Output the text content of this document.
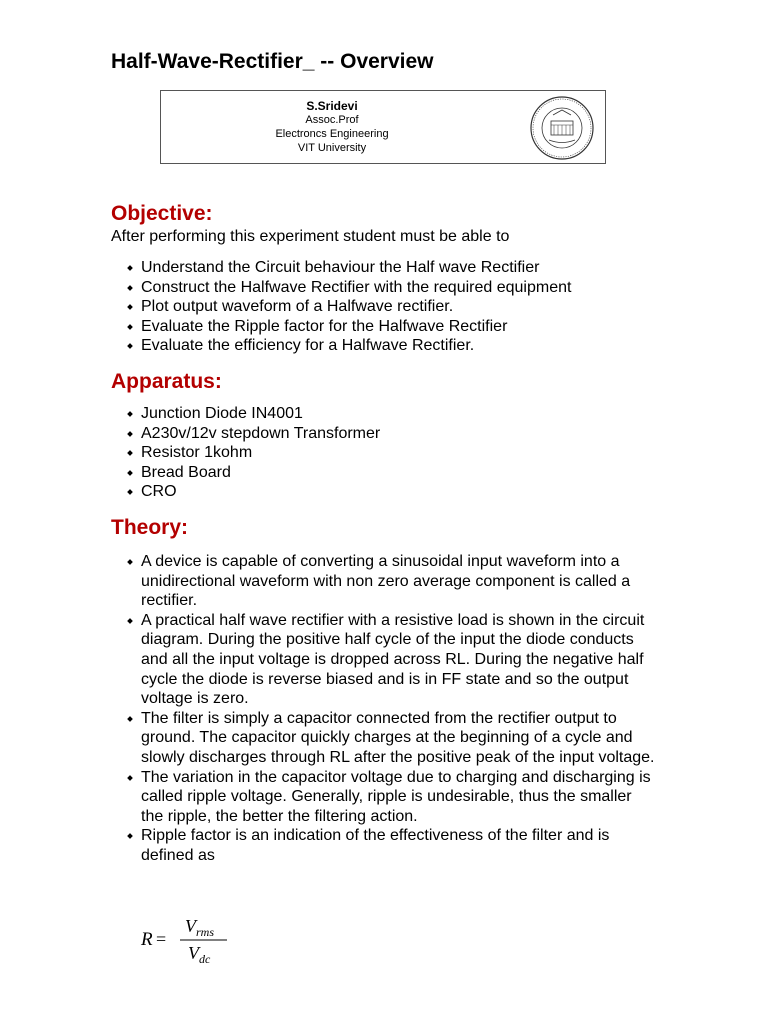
Half-Wave-Rectifier_ -- Overview
S.Sridevi
Assoc.Prof
Electroncs Engineering
VIT University
Objective:
After performing this experiment student must be able to
Understand the Circuit behaviour the Half wave Rectifier
Construct the Halfwave Rectifier with the required equipment
Plot output waveform of a Halfwave rectifier.
Evaluate the Ripple factor for the Halfwave Rectifier
Evaluate the efficiency for a Halfwave Rectifier.
Apparatus:
Junction Diode IN4001
A230v/12v stepdown Transformer
Resistor 1kohm
Bread Board
CRO
Theory:
A device is capable of converting a sinusoidal input waveform into a unidirectional waveform with non zero average component is called a rectifier.
A practical half wave rectifier with a resistive load is shown in the circuit diagram. During the positive half cycle of the input the diode conducts and all the input voltage is dropped across RL. During the negative half cycle the diode is reverse biased and is in FF state and so the output voltage is zero.
The filter is simply a capacitor connected from the rectifier output to ground. The capacitor quickly charges at the beginning of a cycle and slowly discharges through RL after the positive peak of the input voltage.
The variation in the capacitor voltage due to charging and discharging is called ripple voltage. Generally, ripple is undesirable, thus the smaller the ripple, the better the filtering action.
Ripple factor is an indication of the effectiveness of the filter and is defined as
R =
V rms
V dc
